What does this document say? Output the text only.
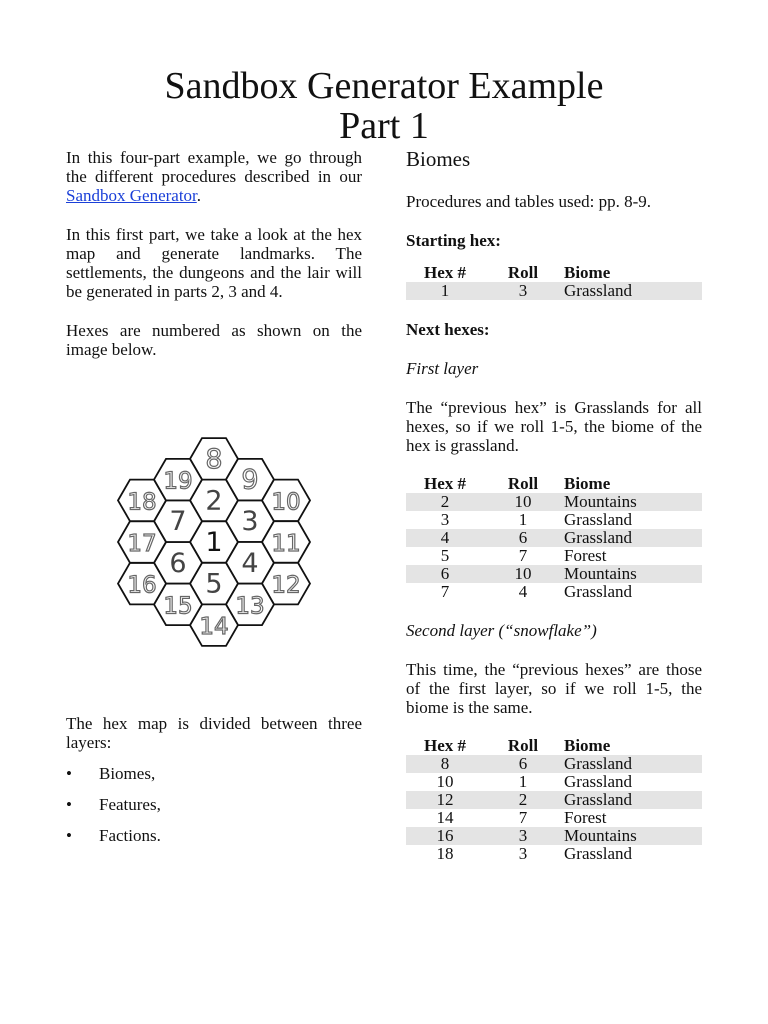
Sandbox Generator Example
Part 1

In this four-part example, we go through the different procedures described in our Sandbox Generator.

In this first part, we take a look at the hex map and generate landmarks. The settlements, the dungeons and the lair will be generated in parts 2, 3 and 4.

Hexes are numbered as shown on the image below.

1
2
3
4
5
6
7
8
9
10
11
12
13
14
15
16
17
18
19

The hex map is divided between three layers:

• Biomes,
• Features,
• Factions.
Biomes

Procedures and tables used: pp. 8-9.

Starting hex:

Hex #	Roll	Biome
1	3	Grassland

Next hexes:

First layer

The “previous hex” is Grasslands for all hexes, so if we roll 1-5, the biome of the hex is grassland.

Hex #	Roll	Biome
2	10	Mountains
3	1	Grassland
4	6	Grassland
5	7	Forest
6	10	Mountains
7	4	Grassland

Second layer (“snowflake”)

This time, the “previous hexes” are those of the first layer, so if we roll 1-5, the biome is the same.

Hex #	Roll	Biome
8	6	Grassland
10	1	Grassland
12	2	Grassland
14	7	Forest
16	3	Mountains
18	3	Grassland
